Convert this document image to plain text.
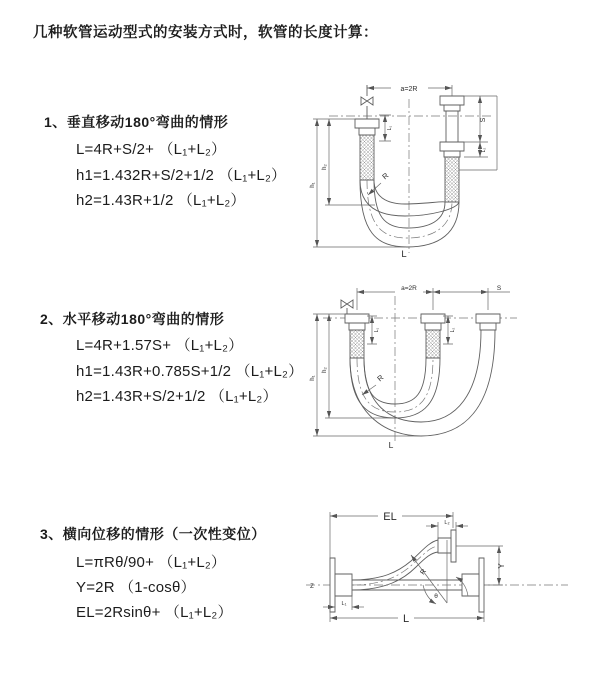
几种软管运动型式的安装方式时，软管的长度计算：
1、垂直移动180°弯曲的情形
L=4R+S/2+ （L₁+L₂）
h1=1.432R+S/2+1/2 （L₁+L₂）
h2=1.43R+1/2 （L₁+L₂）
2、水平移动180°弯曲的情形
L=4R+1.57S+ （L₁+L₂）
h1=1.43R+0.785S+1/2 （L₁+L₂）
h2=1.43R+S/2+1/2 （L₁+L₂）
3、横向位移的情形（一次性变位）
L=πRθ/90+ （L₁+L₂）
Y=2R （1-cosθ）
EL=2Rsinθ+ （L₁+L₂）
a=2R
S
L₂
h₁
h₂
L₁
R
L
a=2R	S
h₁
h₂
L₁	L₂
R
L
Z
EL	L₂
Y
L
L₁
R
θ
